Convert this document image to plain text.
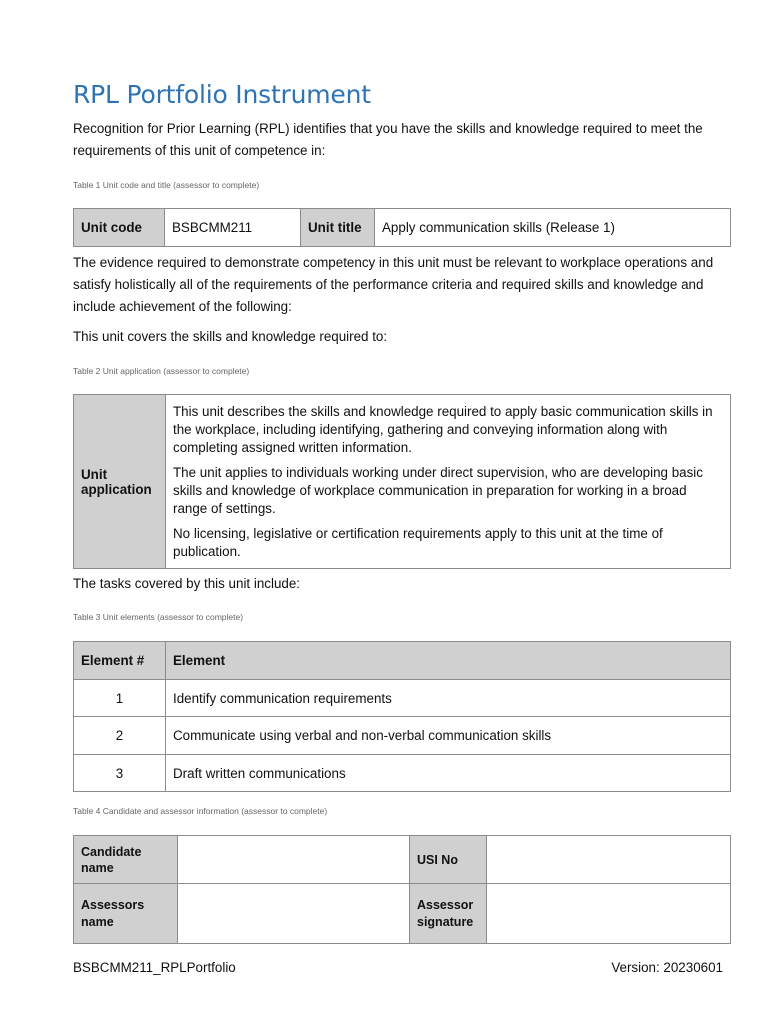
RPL Portfolio Instrument

Recognition for Prior Learning (RPL) identifies that you have the skills and knowledge required to meet the requirements of this unit of competence in:

Table 1 Unit code and title (assessor to complete)

Unit code	BSBCMM211	Unit title	Apply communication skills (Release 1)

The evidence required to demonstrate competency in this unit must be relevant to workplace operations and satisfy holistically all of the requirements of the performance criteria and required skills and knowledge and include achievement of the following:

This unit covers the skills and knowledge required to:

Table 2 Unit application (assessor to complete)

Unit application	

This unit describes the skills and knowledge required to apply basic communication skills in the workplace, including identifying, gathering and conveying information along with completing assigned written information.

The unit applies to individuals working under direct supervision, who are developing basic skills and knowledge of workplace communication in preparation for working in a broad range of settings.

No licensing, legislative or certification requirements apply to this unit at the time of publication.

The tasks covered by this unit include:

Table 3 Unit elements (assessor to complete)

Element #	Element
1	Identify communication requirements
2	Communicate using verbal and non-verbal communication skills
3	Draft written communications

Table 4 Candidate and assessor information (assessor to complete)

Candidate name		USI No	
Assessors name		Assessor signature	
BSBCMM211_RPLPortfolio	Version: 20230601
